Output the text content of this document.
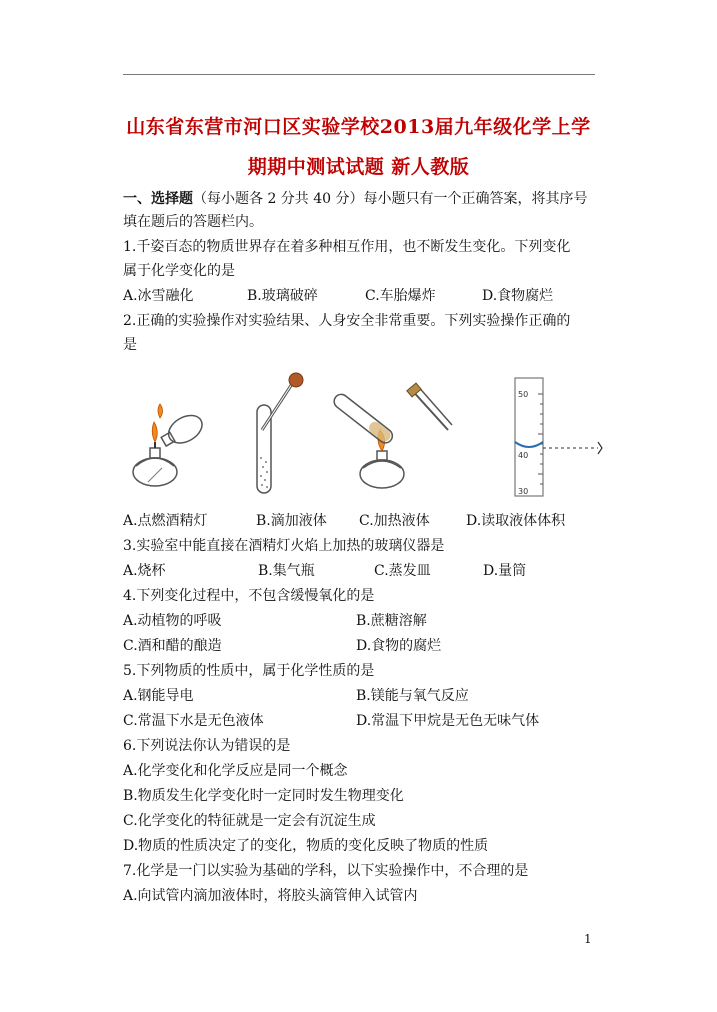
山东省东营市河口区实验学校2013届九年级化学上学
期期中测试试题 新人教版
一、选择题（每小题各 2 分共 40 分）每小题只有一个正确答案，将其序号
填在题后的答题栏内。
1.千姿百态的物质世界存在着多种相互作用，也不断发生变化。下列变化
属于化学变化的是
A.冰雪融化	B.玻璃破碎	C.车胎爆炸	D.食物腐烂
2.正确的实验操作对实验结果、人身安全非常重要。下列实验操作正确的
是
50
40
30
A.点燃酒精灯	B.滴加液体 C.加热液体	D.读取液体体积
3.实验室中能直接在酒精灯火焰上加热的玻璃仪器是
A.烧杯	B.集气瓶	C.蒸发皿	D.量筒
4.下列变化过程中，不包含缓慢氧化的是
A.动植物的呼吸	B.蔗糖溶解
C.酒和醋的酿造	D.食物的腐烂
5.下列物质的性质中，属于化学性质的是
A.钢能导电	B.镁能与氧气反应
C.常温下水是无色液体	D.常温下甲烷是无色无味气体
6.下列说法你认为错误的是
A.化学变化和化学反应是同一个概念
B.物质发生化学变化时一定同时发生物理变化
C.化学变化的特征就是一定会有沉淀生成
D.物质的性质决定了的变化，物质的变化反映了物质的性质
7.化学是一门以实验为基础的学科，以下实验操作中，不合理的是
A.向试管内滴加液体时，将胶头滴管伸入试管内
1
